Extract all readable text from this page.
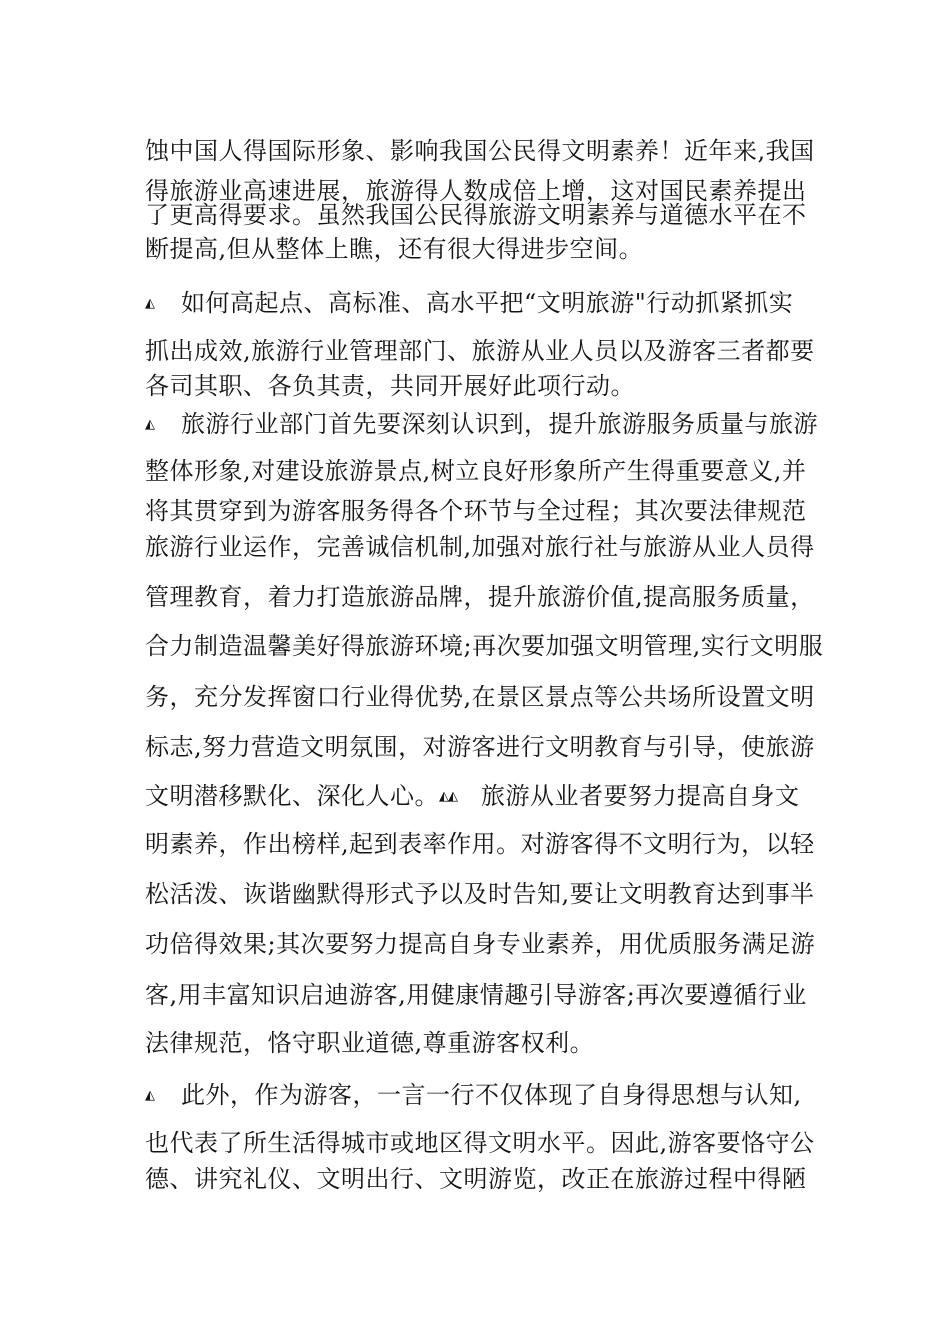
蚀中国人得国际形象、影响我国公民得文明素养！近年来,我国
得旅游业高速进展，旅游得人数成倍上增，这对国民素养提出
了更高得要求。虽然我国公民得旅游文明素养与道德水平在不
断提高,但从整体上瞧，还有很大得进步空间。
◭ 如何高起点、高标准、高水平把“文明旅游"行动抓紧抓实
抓出成效,旅游行业管理部门、旅游从业人员以及游客三者都要
各司其职、各负其责，共同开展好此项行动。
◭ 旅游行业部门首先要深刻认识到，提升旅游服务质量与旅游
整体形象,对建设旅游景点,树立良好形象所产生得重要意义,并
将其贯穿到为游客服务得各个环节与全过程；其次要法律规范
旅游行业运作，完善诚信机制,加强对旅行社与旅游从业人员得
管理教育，着力打造旅游品牌，提升旅游价值,提高服务质量，
合力制造温馨美好得旅游环境;再次要加强文明管理,实行文明服
务，充分发挥窗口行业得优势,在景区景点等公共场所设置文明
标志,努力营造文明氛围，对游客进行文明教育与引导，使旅游
文明潜移默化、深化人心。◭◭ 旅游从业者要努力提高自身文
明素养，作出榜样,起到表率作用。对游客得不文明行为，以轻
松活泼、诙谐幽默得形式予以及时告知,要让文明教育达到事半
功倍得效果;其次要努力提高自身专业素养，用优质服务满足游
客,用丰富知识启迪游客,用健康情趣引导游客;再次要遵循行业
法律规范，恪守职业道德,尊重游客权利。
◭ 此外，作为游客，一言一行不仅体现了自身得思想与认知,
也代表了所生活得城市或地区得文明水平。因此,游客要恪守公
德、讲究礼仪、文明出行、文明游览，改正在旅游过程中得陋
